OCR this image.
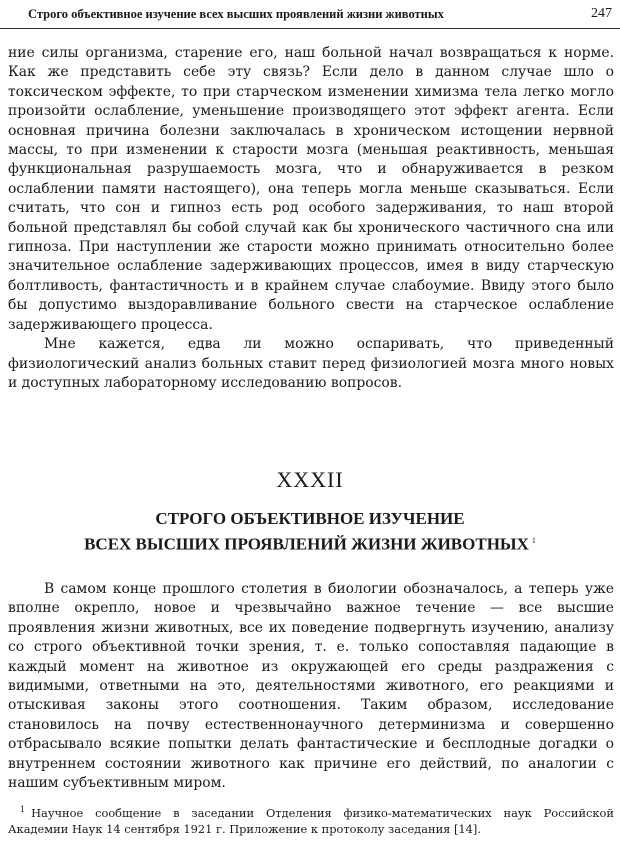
Строго объективное изучение всех высших проявлений жизни животных	247

ние силы организма, старение его, наш больной начал возвращаться к норме. Как же представить себе эту связь? Если дело в данном случае шло о токсическом эффекте, то при старческом изменении химизма тела легко могло произойти ослабление, уменьшение производящего этот эффект агента. Если основная причина болезни заключалась в хроническом истощении нервной массы, то при изменении к старости мозга (меньшая реактивность, меньшая функциональная разрушаемость мозга, что и обнаруживается в резком ослаблении памяти настоящего), она теперь могла меньше сказываться. Если считать, что сон и гипноз есть род особого задерживания, то наш второй больной представлял бы собой случай как бы хронического частичного сна или гипноза. При наступлении же старости можно принимать относительно более значительное ослабление задерживающих процессов, имея в виду старческую болтливость, фантастичность и в крайнем случае слабоумие. Ввиду этого было бы допустимо выздоравливание больного свести на старческое ослабление задерживающего процесса.

Мне кажется, едва ли можно оспаривать, что приведенный физиологический анализ больных ставит перед физиологией мозга много новых и доступных лабораторному исследованию вопросов.

XXXII
СТРОГО ОБЪЕКТИВНОЕ ИЗУЧЕНИЕ
ВСЕХ ВЫСШИХ ПРОЯВЛЕНИЙ ЖИЗНИ ЖИВОТНЫХ $^1$

В самом конце прошлого столетия в биологии обозначалось, а теперь уже вполне окрепло, новое и чрезвычайно важное течение — все высшие проявления жизни животных, все их поведение подвергнуть изучению, анализу со строго объективной точки зрения, т. е. только сопоставляя падающие в каждый момент на животное из окружающей его среды раздражения с видимыми, ответными на это, деятельностями животного, его реакциями и отыскивая законы этого соотношения. Таким образом, исследование становилось на почву естественнонаучного детерминизма и совершенно отбрасывало всякие попытки делать фантастические и бесплодные догадки о внутреннем состоянии животного как причине его действий, по аналогии с нашим субъективным миром.

$^1$ Научное сообщение в заседании Отделения физико-математических наук Российской Академии Наук 14 сентября 1921 г. Приложение к протоколу заседания [14].
